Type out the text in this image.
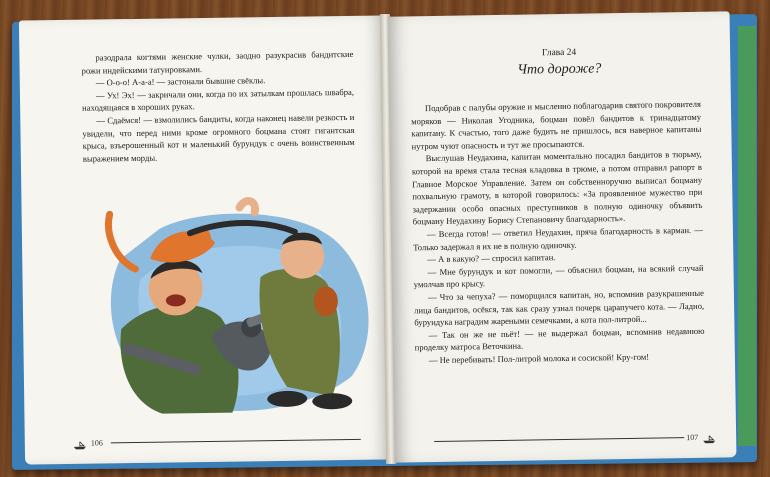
разодрала когтями женские чулки, заодно разукрасив бандитские рожи индейскими татуировками.

— О-о-о! А-а-а! — застонали бывшие свёклы.

— Ух! Эх! — закричали они, когда по их затылкам прошлась швабра, находящаяся в хороших руках.

— Сдаёмся! — взмолились бандиты, когда наконец навели резкость и увидели, что перед ними кроме огромного боцмана стоят гигантская крыса, взъерошенный кот и маленький бурундук с очень воинственным выражением морды.

106
Глава 24
Что дороже?

Подобрав с палубы оружие и мысленно поблагодарив святого покровителя моряков — Николая Угодника, боцман повёл бандитов к тринадцатому капитану. К счастью, того даже будить не пришлось, вся наверное капитаны нутром чуют опасность и тут же просыпаются.

Выслушав Неудахина, капитан моментально посадил бандитов в тюрьму, которой на время стала тесная кладовка в трюме, а потом отправил рапорт в Главное Морское Управление. Затем он собственноручно выписал боцману похвальную грамоту, в которой говорилось: «За проявленное мужество при задержании особо опасных преступников в полную одиночку объявить боцману Неудахину Борису Степановичу благодарность».

— Всегда готов! — ответил Неудахин, пряча благодарность в карман. — Только задержал я их не в полную одиночку.

— А в какую? — спросил капитан.

— Мне бурундук и кот помогли, — объяснил боцман, на всякий случай умолчав про крысу.

— Что за чепуха? — поморщился капитан, но, вспомнив разукрашенные лица бандитов, осёкся, так как сразу узнал почерк царапучего кота. — Ладно, бурундука наградим жареными семечками, а кота пол-литрой...

— Так он же не пьёт! — не выдержал боцман, вспомнив недавнюю проделку матроса Веточкина.

— Не перебивать! Пол-литрой молока и сосиской! Кру-гом!

107
